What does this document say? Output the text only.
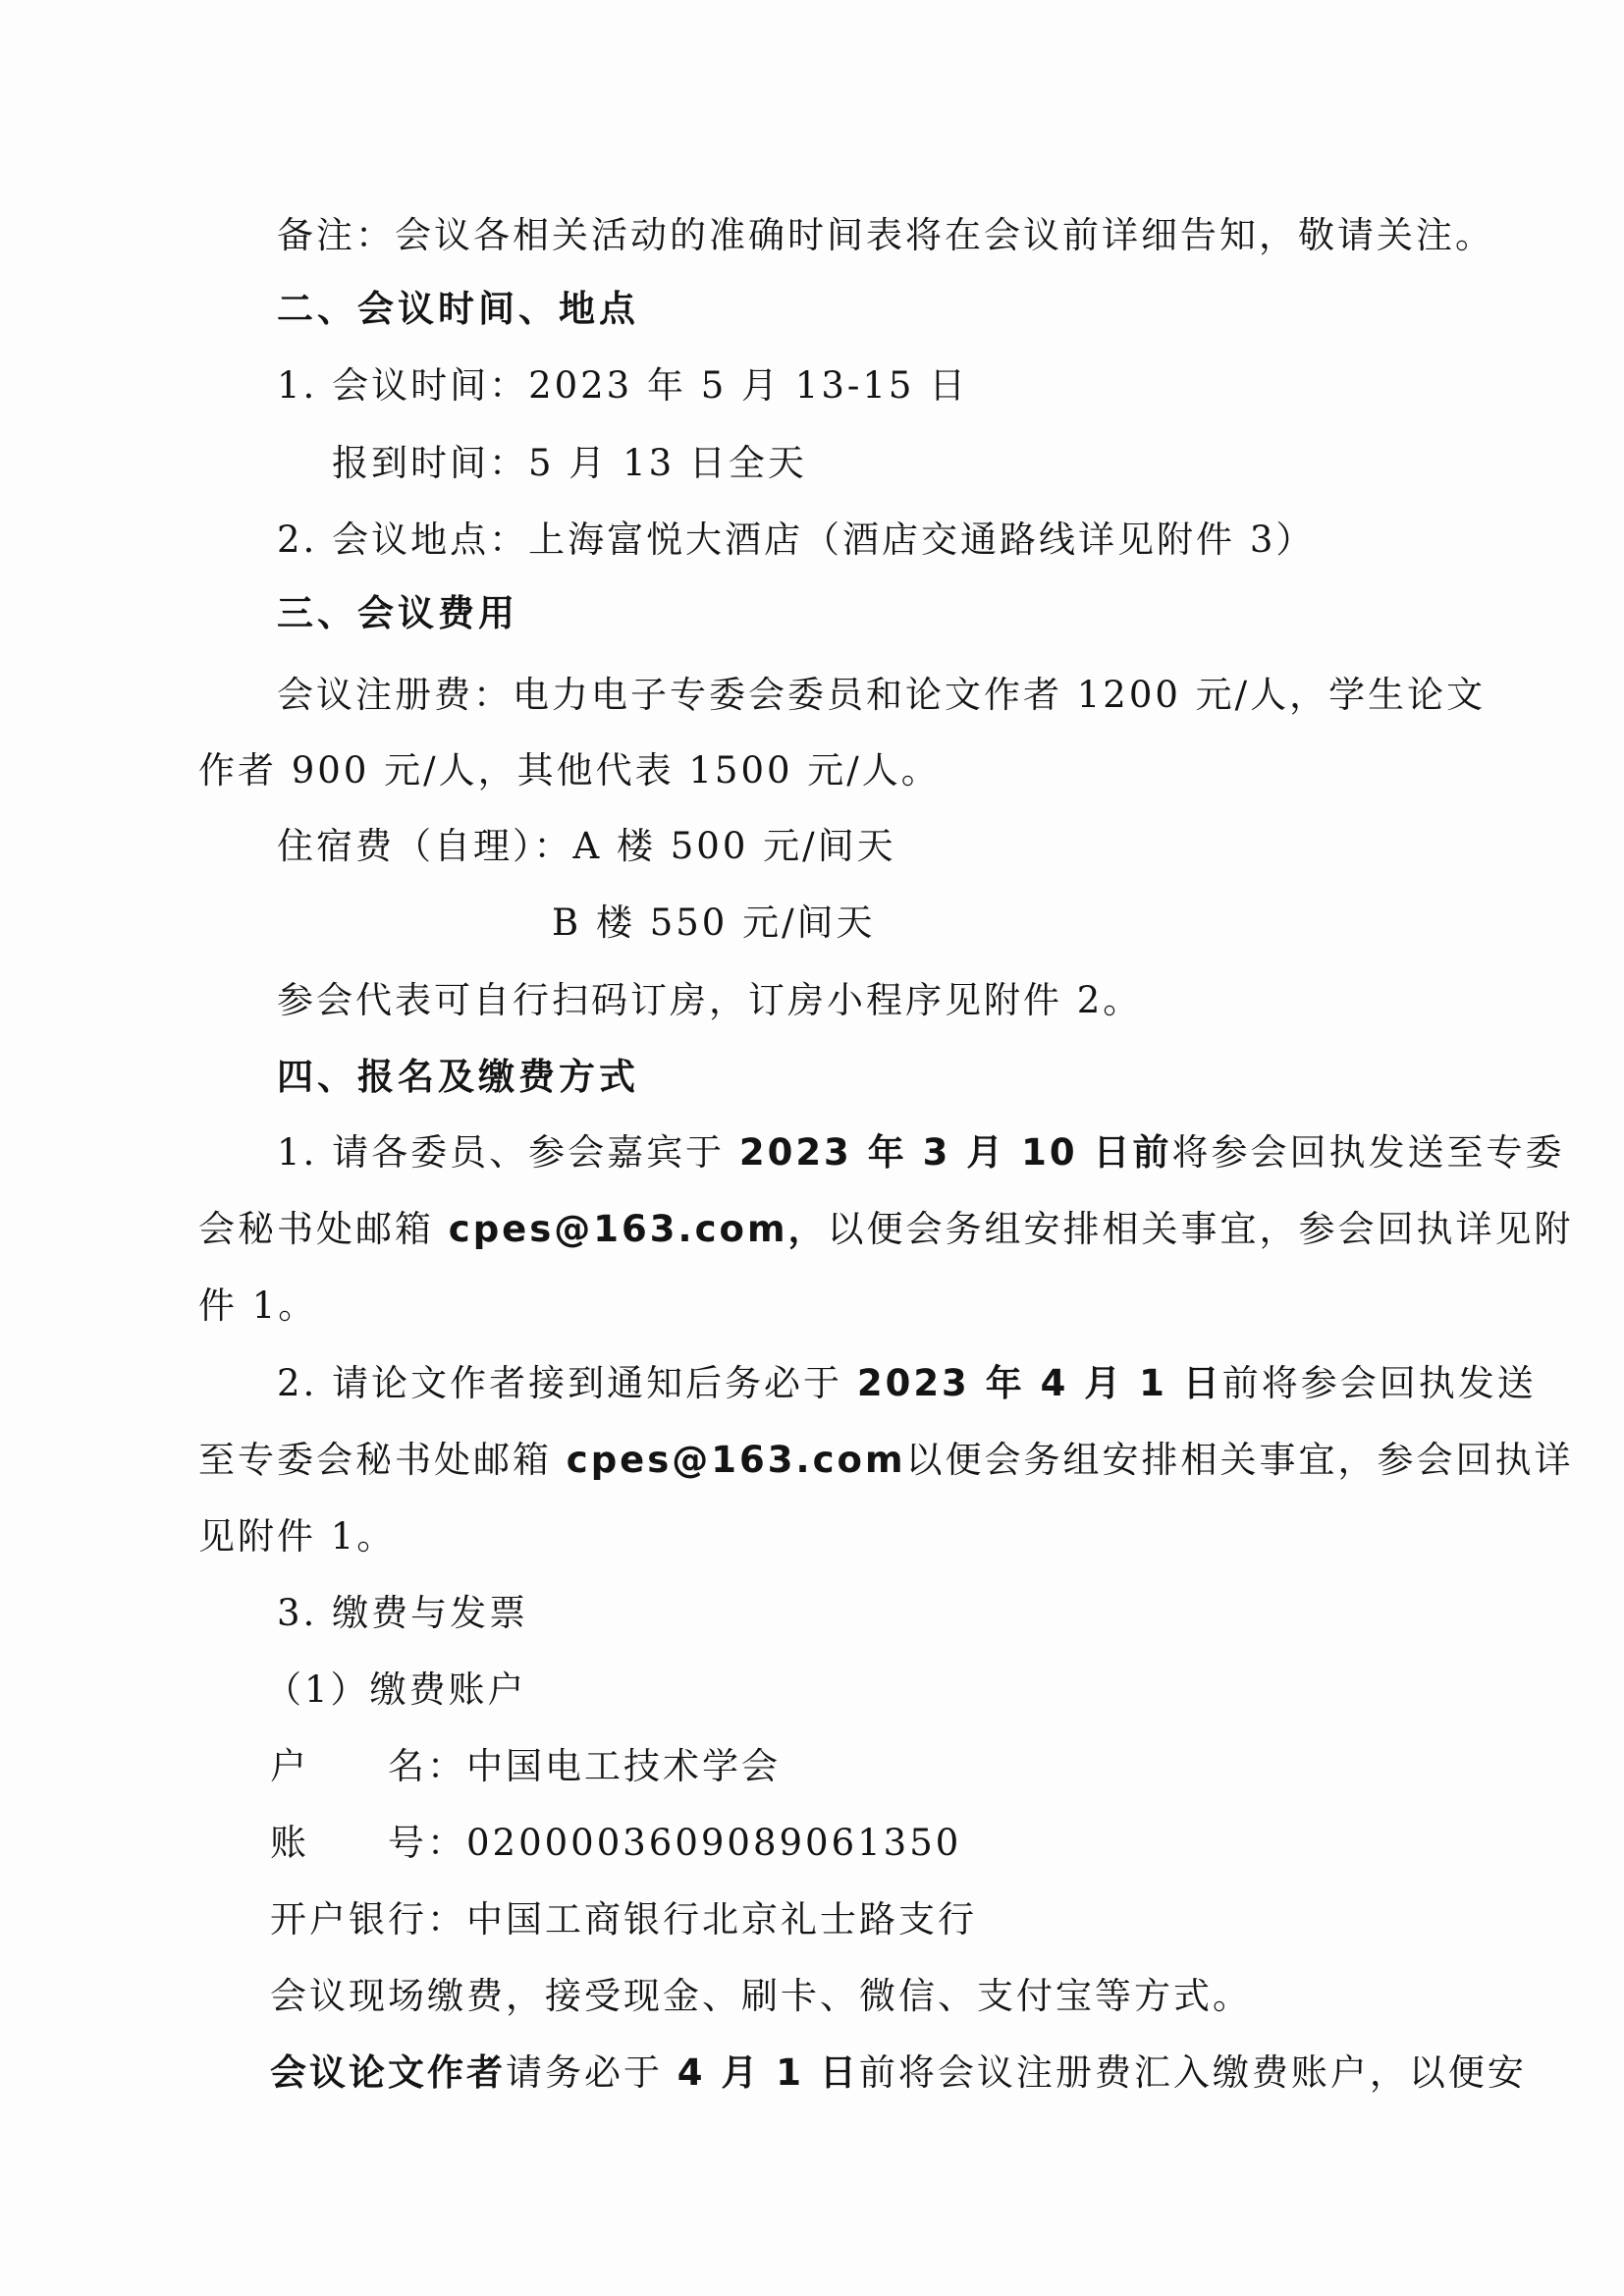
备注：会议各相关活动的准确时间表将在会议前详细告知，敬请关注。
二、会议时间、地点
1. 会议时间：2023 年 5 月 13-15 日
报到时间：5 月 13 日全天
2. 会议地点：上海富悦大酒店（酒店交通路线详见附件 3）
三、会议费用
会议注册费：电力电子专委会委员和论文作者 1200 元/人，学生论文
作者 900 元/人，其他代表 1500 元/人。
住宿费（自理）：A 楼 500 元/间天
B 楼 550 元/间天
参会代表可自行扫码订房，订房小程序见附件 2。
四、报名及缴费方式
1. 请各委员、参会嘉宾于 2023 年 3 月 10 日前将参会回执发送至专委
会秘书处邮箱 cpes@163.com，以便会务组安排相关事宜，参会回执详见附
件 1。
2. 请论文作者接到通知后务必于 2023 年 4 月 1 日前将参会回执发送
至专委会秘书处邮箱 cpes@163.com以便会务组安排相关事宜，参会回执详
见附件 1。
3. 缴费与发票
（1）缴费账户
户　　名：中国电工技术学会
账　　号：0200003609089061350
开户银行：中国工商银行北京礼士路支行
会议现场缴费，接受现金、刷卡、微信、支付宝等方式。
会议论文作者请务必于 4 月 1 日前将会议注册费汇入缴费账户，以便安
